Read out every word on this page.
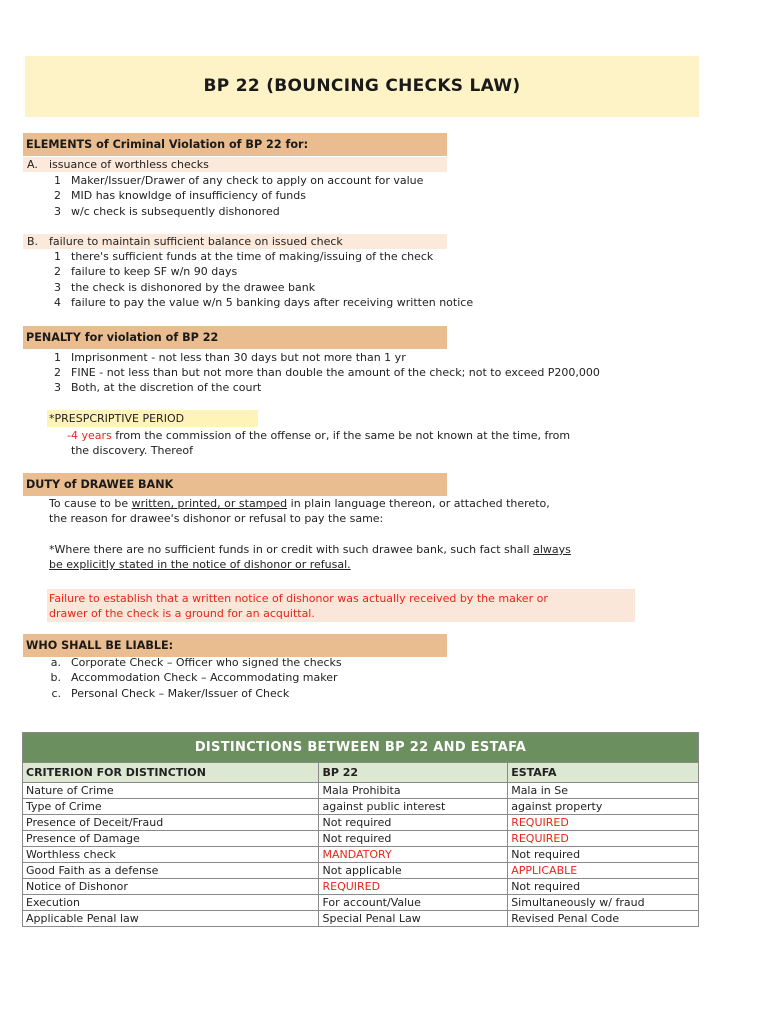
BP 22 (BOUNCING CHECKS LAW)
ELEMENTS of Criminal Violation of BP 22 for:
A. issuance of worthless checks
1 Maker/Issuer/Drawer of any check to apply on account for value
2 MID has knowldge of insufficiency of funds
3 w/c check is subsequently dishonored
B. failure to maintain sufficient balance on issued check
1 there's sufficient funds at the time of making/issuing of the check
2 failure to keep SF w/n 90 days
3 the check is dishonored by the drawee bank
4 failure to pay the value w/n 5 banking days after receiving written notice
PENALTY for violation of BP 22
1 Imprisonment - not less than 30 days but not more than 1 yr
2 FINE - not less than but not more than double the amount of the check; not to exceed P200,000
3 Both, at the discretion of the court
*PRESPCRIPTIVE PERIOD
-4 years from the commission of the offense or, if the same be not known at the time, from
the discovery. Thereof
DUTY of DRAWEE BANK
To cause to be written, printed, or stamped in plain language thereon, or attached thereto,
the reason for drawee's dishonor or refusal to pay the same:
*Where there are no sufficient funds in or credit with such drawee bank, such fact shall always
be explicitly stated in the notice of dishonor or refusal.
Failure to establish that a written notice of dishonor was actually received by the maker or
drawer of the check is a ground for an acquittal.
WHO SHALL BE LIABLE:
a. Corporate Check – Officer who signed the checks
b. Accommodation Check – Accommodating maker
c. Personal Check – Maker/Issuer of Check
DISTINCTIONS BETWEEN BP 22 AND ESTAFA		
CRITERION FOR DISTINCTION	BP 22	ESTAFA
Nature of Crime	Mala Prohibita	Mala in Se
Type of Crime	against public interest	against property
Presence of Deceit/Fraud	Not required	REQUIRED
Presence of Damage	Not required	REQUIRED
Worthless check	MANDATORY	Not required
Good Faith as a defense	Not applicable	APPLICABLE
Notice of Dishonor	REQUIRED	Not required
Execution	For account/Value	Simultaneously w/ fraud
Applicable Penal law	Special Penal Law	Revised Penal Code
